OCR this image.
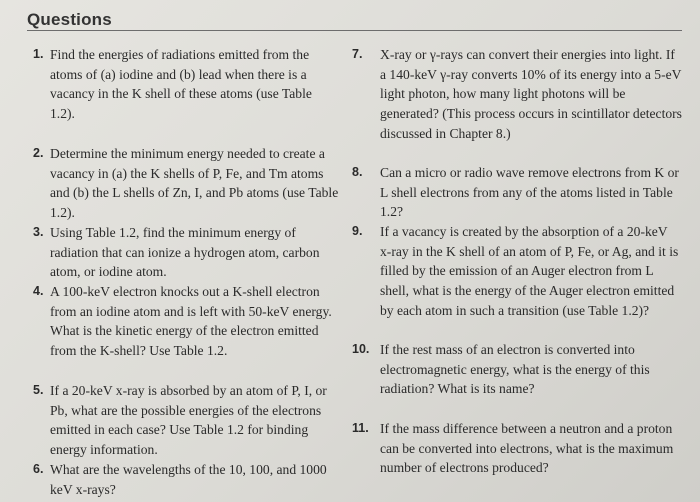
Questions
1. Find the energies of radiations emitted from the atoms of (a) iodine and (b) lead when there is a vacancy in the K shell of these atoms (use Table 1.2).
2. Determine the minimum energy needed to create a vacancy in (a) the K shells of P, Fe, and Tm atoms and (b) the L shells of Zn, I, and Pb atoms (use Table 1.2).
3. Using Table 1.2, find the minimum energy of radiation that can ionize a hydrogen atom, carbon atom, or iodine atom.
4. A 100-keV electron knocks out a K-shell electron from an iodine atom and is left with 50-keV energy. What is the kinetic energy of the electron emitted from the K-shell? Use Table 1.2.
5. If a 20-keV x-ray is absorbed by an atom of P, I, or Pb, what are the possible energies of the electrons emitted in each case? Use Table 1.2 for binding energy information.
6. What are the wavelengths of the 10, 100, and 1000 keV x-rays?
7. X-ray or γ-rays can convert their energies into light. If a 140-keV γ-ray converts 10% of its energy into a 5-eV light photon, how many light photons will be generated? (This process occurs in scintillator detectors discussed in Chapter 8.)
8. Can a micro or radio wave remove electrons from K or L shell electrons from any of the atoms listed in Table 1.2?
9. If a vacancy is created by the absorption of a 20-keV x-ray in the K shell of an atom of P, Fe, or Ag, and it is filled by the emission of an Auger electron from L shell, what is the energy of the Auger electron emitted by each atom in such a transition (use Table 1.2)?
10. If the rest mass of an electron is converted into electromagnetic energy, what is the energy of this radiation? What is its name?
11. If the mass difference between a neutron and a proton can be converted into electrons, what is the maximum number of electrons produced?
